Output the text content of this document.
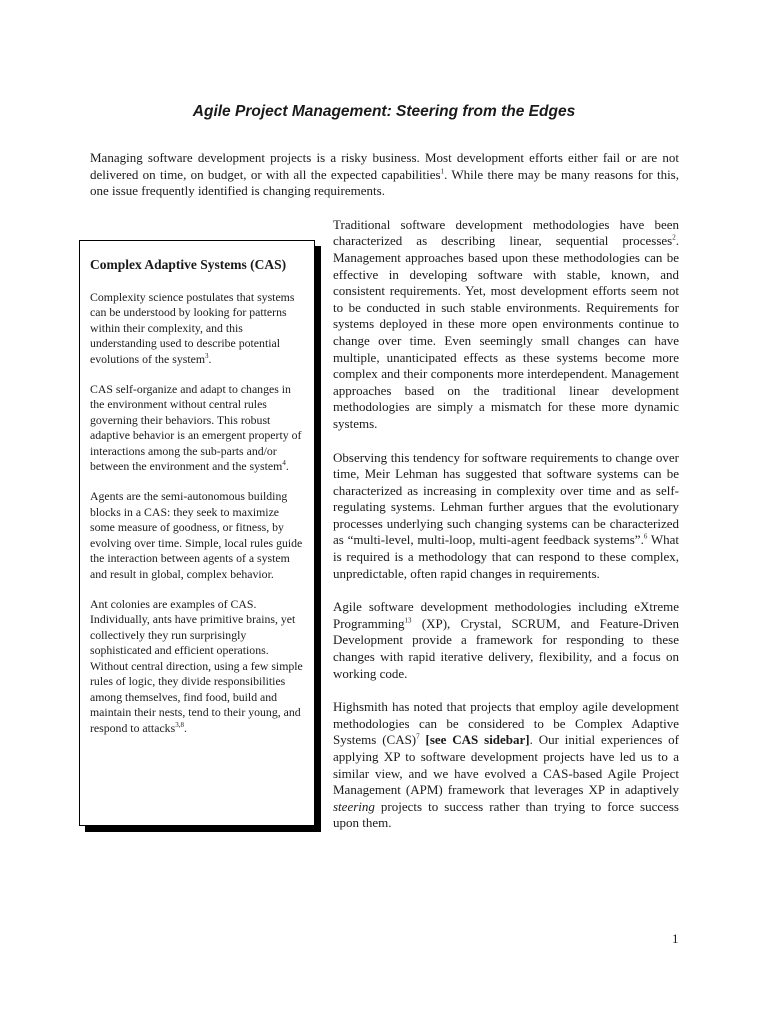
Agile Project Management: Steering from the Edges

Managing software development projects is a risky business. Most development efforts either fail or are not delivered on time, on budget, or with all the expected capabilities$^1$. While there may be many reasons for this, one issue frequently identified is changing requirements.

Traditional software development methodologies have been characterized as describing linear, sequential processes$^2$. Management approaches based upon these methodologies can be effective in developing software with stable, known, and consistent requirements. Yet, most development efforts seem not to be conducted in such stable environments. Requirements for systems deployed in these more open environments continue to change over time. Even seemingly small changes can have multiple, unanticipated effects as these systems become more complex and their components more interdependent. Management approaches based on the traditional linear development methodologies are simply a mismatch for these more dynamic systems.

Observing this tendency for software requirements to change over time, Meir Lehman has suggested that software systems can be characterized as increasing in complexity over time and as self-regulating systems. Lehman further argues that the evolutionary processes underlying such changing systems can be characterized as “multi-level, multi-loop, multi-agent feedback systems”.$^6$ What is required is a methodology that can respond to these complex, unpredictable, often rapid changes in requirements.

Agile software development methodologies including eXtreme Programming$^{13}$ (XP), Crystal, SCRUM, and Feature-Driven Development provide a framework for responding to these changes with rapid iterative delivery, flexibility, and a focus on working code.

Highsmith has noted that projects that employ agile development methodologies can be considered to be Complex Adaptive Systems (CAS)$^7$ [see CAS sidebar]. Our initial experiences of applying XP to software development projects have led us to a similar view, and we have evolved a CAS-based Agile Project Management (APM) framework that leverages XP in adaptively steering projects to success rather than trying to force success upon them.

Complex Adaptive Systems (CAS)

Complexity science postulates that systems can be understood by looking for patterns within their complexity, and this understanding used to describe potential evolutions of the system$^3$.

CAS self-organize and adapt to changes in the environment without central rules governing their behaviors. This robust adaptive behavior is an emergent property of interactions among the sub-parts and/or between the environment and the system$^4$.

Agents are the semi-autonomous building blocks in a CAS: they seek to maximize some measure of goodness, or fitness, by evolving over time. Simple, local rules guide the interaction between agents of a system and result in global, complex behavior.

Ant colonies are examples of CAS. Individually, ants have primitive brains, yet collectively they run surprisingly sophisticated and efficient operations. Without central direction, using a few simple rules of logic, they divide responsibilities among themselves, find food, build and maintain their nests, tend to their young, and respond to attacks$^{3,8}$.

1
